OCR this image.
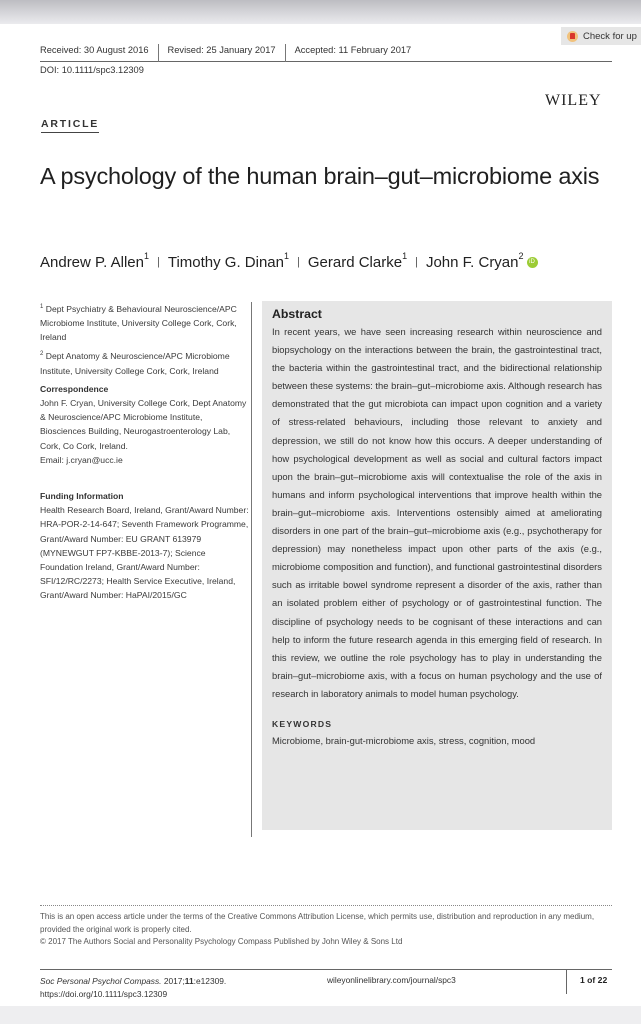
Check for up
Received: 30 August 2016	Revised: 25 January 2017	Accepted: 11 February 2017
DOI: 10.1111/spc3.12309
WILEY
ARTICLE
A psychology of the human brain–gut–microbiome axis
Andrew P. Allen$^1$ | Timothy G. Dinan$^1$ | Gerard Clarke$^1$ | John F. Cryan$^2$
iD
$^1$ Dept Psychiatry & Behavioural Neuroscience/APC Microbiome Institute, University College Cork, Cork, Ireland
$^2$ Dept Anatomy & Neuroscience/APC Microbiome Institute, University College Cork, Cork, Ireland
Correspondence
John F. Cryan, University College Cork, Dept Anatomy & Neuroscience/APC Microbiome Institute, Biosciences Building, Neurogastroenterology Lab, Cork, Co Cork, Ireland.
Email: j.cryan@ucc.ie
Funding Information
Health Research Board, Ireland, Grant/Award Number: HRA-POR-2-14-647; Seventh Framework Programme, Grant/Award Number: EU GRANT 613979 (MYNEWGUT FP7-KBBE-2013-7); Science Foundation Ireland, Grant/Award Number: SFI/12/RC/2273; Health Service Executive, Ireland, Grant/Award Number: HaPAI/2015/GC
Abstract
In recent years, we have seen increasing research within neuroscience and biopsychology on the interactions between the brain, the gastrointestinal tract, the bacteria within the gastrointestinal tract, and the bidirectional relationship between these systems: the brain–gut–microbiome axis. Although research has demonstrated that the gut microbiota can impact upon cognition and a variety of stress-related behaviours, including those relevant to anxiety and depression, we still do not know how this occurs. A deeper understanding of how psychological development as well as social and cultural factors impact upon the brain–gut–microbiome axis will contextualise the role of the axis in humans and inform psychological interventions that improve health within the brain–gut–microbiome axis. Interventions ostensibly aimed at ameliorating disorders in one part of the brain–gut–microbiome axis (e.g., psychotherapy for depression) may nonetheless impact upon other parts of the axis (e.g., microbiome composition and function), and functional gastrointestinal disorders such as irritable bowel syndrome represent a disorder of the axis, rather than an isolated problem either of psychology or of gastrointestinal function. The discipline of psychology needs to be cognisant of these interactions and can help to inform the future research agenda in this emerging field of research. In this review, we outline the role psychology has to play in understanding the brain–gut–microbiome axis, with a focus on human psychology and the use of research in laboratory animals to model human psychology.
KEYWORDS
Microbiome, brain-gut-microbiome axis, stress, cognition, mood
This is an open access article under the terms of the Creative Commons Attribution License, which permits use, distribution and reproduction in any medium, provided the original work is properly cited.
© 2017 The Authors Social and Personality Psychology Compass Published by John Wiley & Sons Ltd
Soc Personal Psychol Compass. 2017;11:e12309.
https://doi.org/10.1111/spc3.12309
wileyonlinelibrary.com/journal/spc3	1 of 22
